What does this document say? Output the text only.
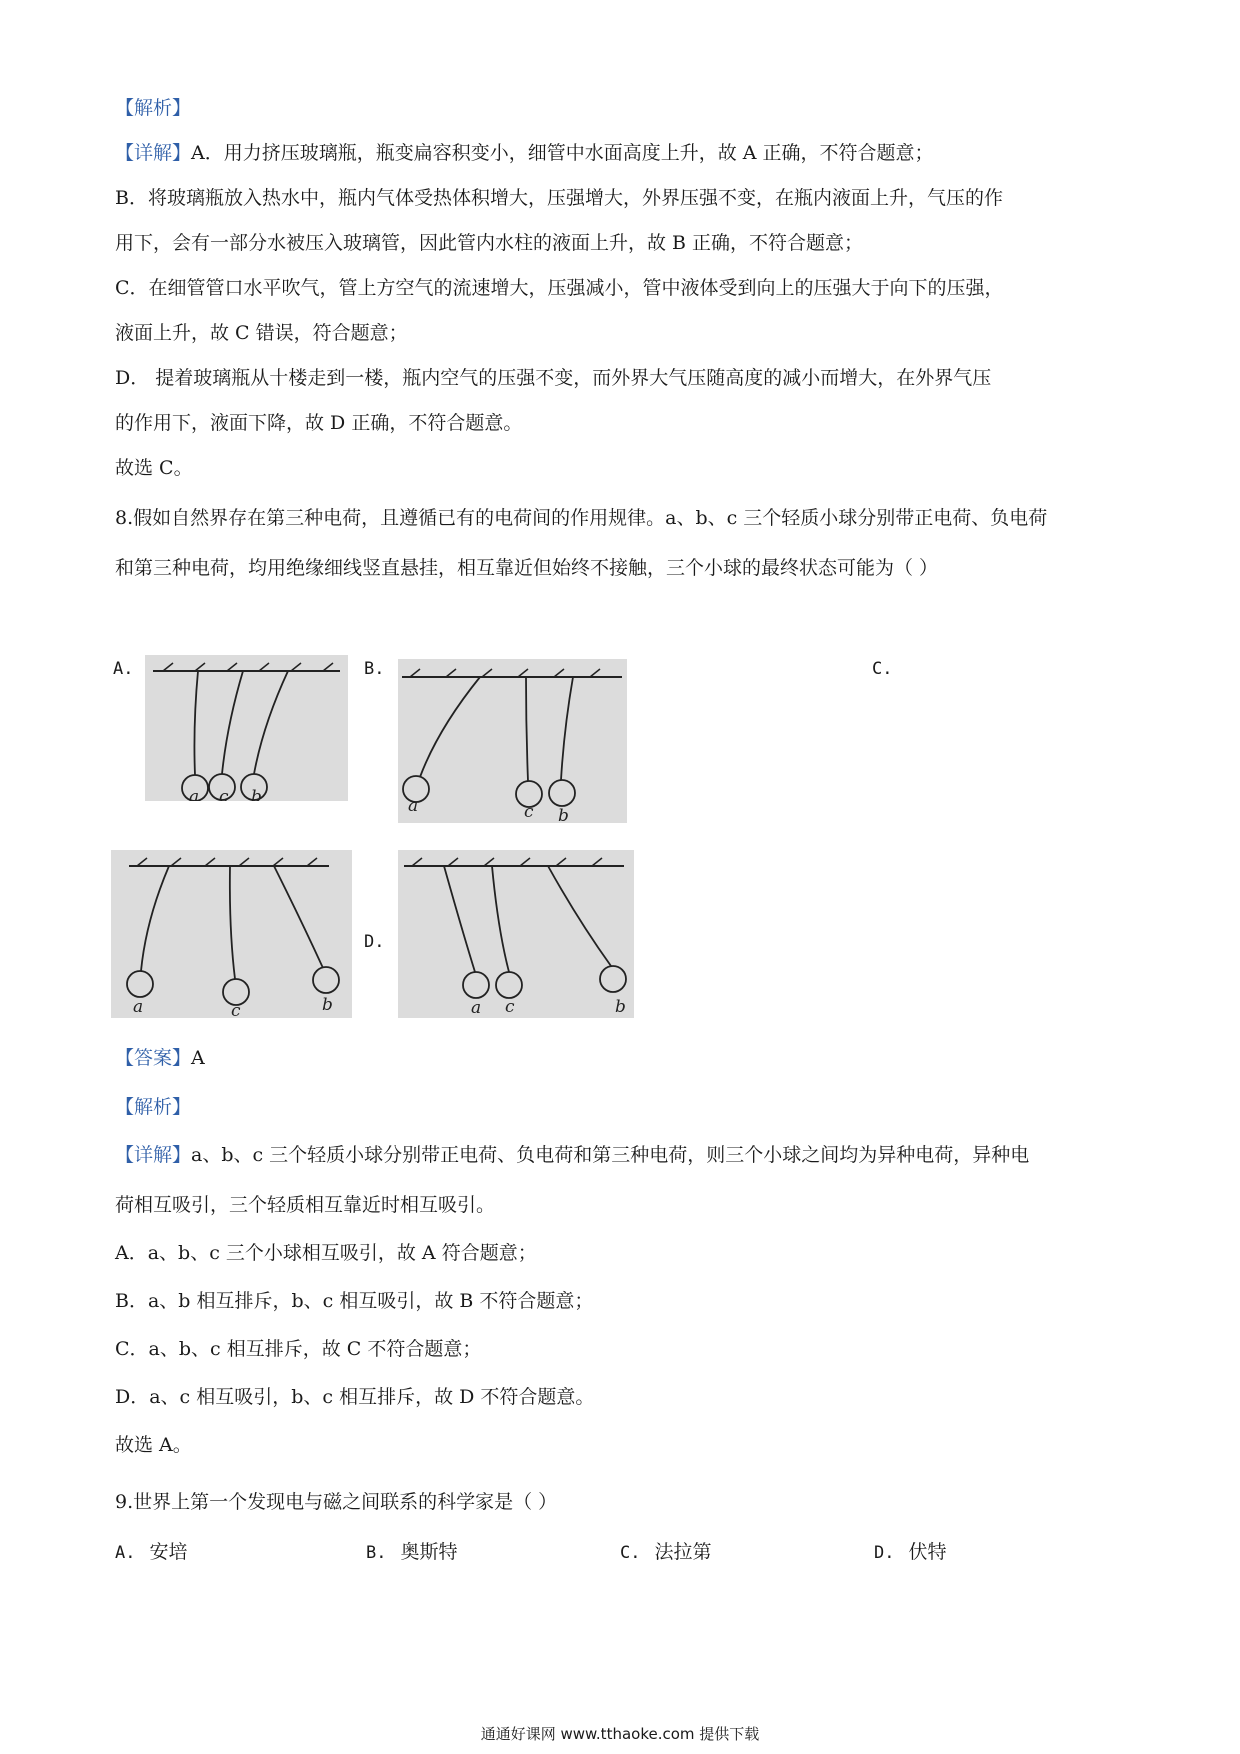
【解析】
【详解】A．用力挤压玻璃瓶，瓶变扁容积变小，细管中水面高度上升，故 A 正确，不符合题意；
B．将玻璃瓶放入热水中，瓶内气体受热体积增大，压强增大，外界压强不变，在瓶内液面上升，气压的作
用下，会有一部分水被压入玻璃管，因此管内水柱的液面上升，故 B 正确，不符合题意；
C．在细管管口水平吹气，管上方空气的流速增大，压强减小，管中液体受到向上的压强大于向下的压强，
液面上升，故 C 错误，符合题意；
D． 提着玻璃瓶从十楼走到一楼，瓶内空气的压强不变，而外界大气压随高度的减小而增大，在外界气压
的作用下，液面下降，故 D 正确，不符合题意。
故选 C。
8.假如自然界存在第三种电荷，且遵循已有的电荷间的作用规律。a、b、c 三个轻质小球分别带正电荷、负电荷
和第三种电荷，均用绝缘细线竖直悬挂，相互靠近但始终不接触，三个小球的最终状态可能为（ ）
A.	B.	C.
D.
a c b	a	c b
a	c	b	a c	b
【答案】A
【解析】
【详解】a、b、c 三个轻质小球分别带正电荷、负电荷和第三种电荷，则三个小球之间均为异种电荷，异种电
荷相互吸引，三个轻质相互靠近时相互吸引。
A．a、b、c 三个小球相互吸引，故 A 符合题意；
B．a、b 相互排斥，b、c 相互吸引，故 B 不符合题意；
C．a、b、c 相互排斥，故 C 不符合题意；
D．a、c 相互吸引，b、c 相互排斥，故 D 不符合题意。
故选 A。
9.世界上第一个发现电与磁之间联系的科学家是（ ）
A. 安培	B. 奥斯特	C. 法拉第	D. 伏特
通通好课网 www.tthaoke.com 提供下载
